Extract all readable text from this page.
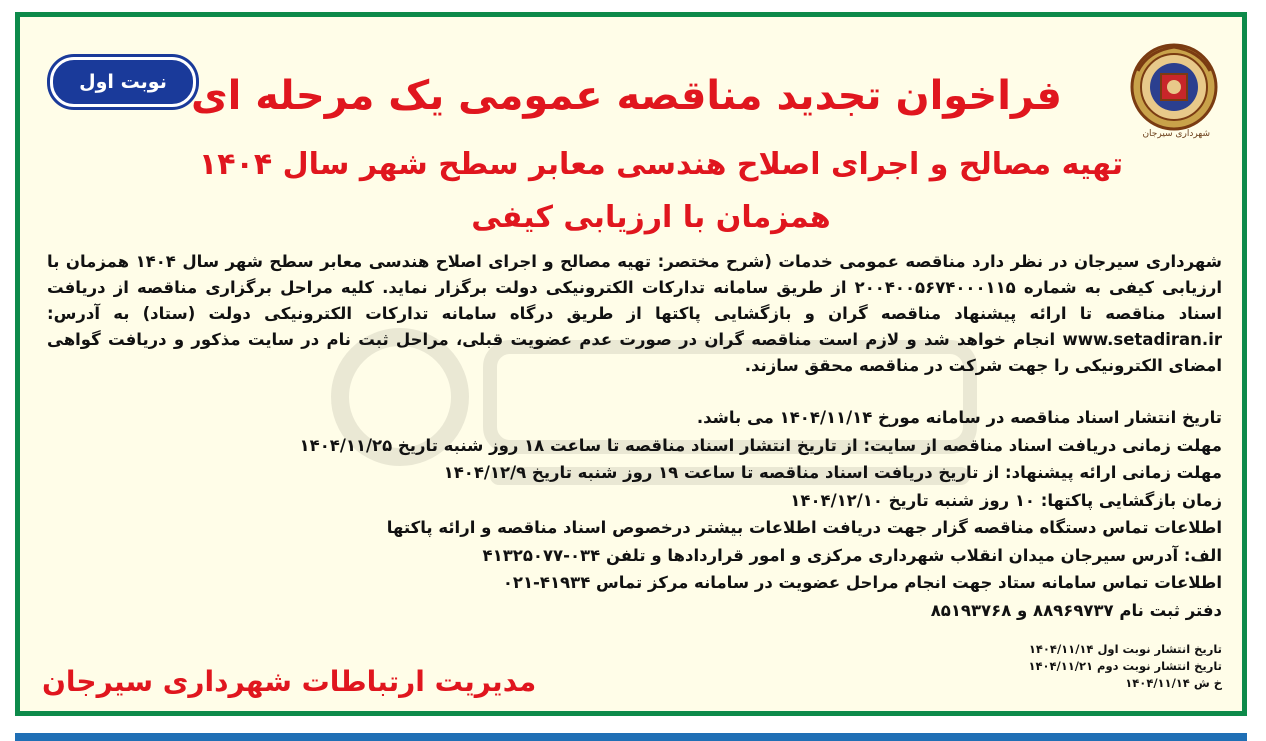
شهرداری سیرجان
نوبت اول فراخوان تجدید مناقصه عمومی یک مرحله ای
تهیه مصالح و اجرای اصلاح هندسی معابر سطح شهر سال ۱۴۰۴
همزمان با ارزیابی کیفی
شهرداری سیرجان در نظر دارد مناقصه عمومی خدمات (شرح مختصر: تهیه مصالح و اجرای اصلاح هندسی معابر سطح شهر سال ۱۴۰۴ همزمان با ارزیابی کیفی به شماره ۲۰۰۴۰۰۵۶۷۴۰۰۰۱۱۵ از طریق سامانه تدارکات الکترونیکی دولت برگزار نماید. کلیه مراحل برگزاری مناقصه از دریافت اسناد مناقصه تا ارائه پیشنهاد مناقصه گران و بازگشایی پاکتها از طریق درگاه سامانه تدارکات الکترونیکی دولت (ستاد) به آدرس: www.setadiran.ir انجام خواهد شد و لازم است مناقصه گران در صورت عدم عضویت قبلی، مراحل ثبت نام در سایت مذکور و دریافت گواهی امضای الکترونیکی را جهت شرکت در مناقصه محقق سازند.
تاریخ انتشار اسناد مناقصه در سامانه مورخ ۱۴۰۴/۱۱/۱۴ می باشد.
مهلت زمانی دریافت اسناد مناقصه از سایت: از تاریخ انتشار اسناد مناقصه تا ساعت ۱۸ روز شنبه تاریخ ۱۴۰۴/۱۱/۲۵
مهلت زمانی ارائه پیشنهاد: از تاریخ دریافت اسناد مناقصه تا ساعت ۱۹ روز شنبه تاریخ ۱۴۰۴/۱۲/۹
زمان بازگشایی پاکتها: ۱۰ روز شنبه تاریخ ۱۴۰۴/۱۲/۱۰
اطلاعات تماس دستگاه مناقصه گزار جهت دریافت اطلاعات بیشتر درخصوص اسناد مناقصه و ارائه پاکتها
الف: آدرس سیرجان میدان انقلاب شهرداری مرکزی و امور قراردادها و تلفن ۰۳۴-۴۱۳۲۵۰۷۷
اطلاعات تماس سامانه ستاد جهت انجام مراحل عضویت در سامانه مرکز تماس ۴۱۹۳۴-۰۲۱
دفتر ثبت نام ۸۸۹۶۹۷۳۷ و ۸۵۱۹۳۷۶۸
تاریخ انتشار نوبت اول ۱۴۰۴/۱۱/۱۴
تاریخ انتشار نوبت دوم ۱۴۰۴/۱۱/۲۱
خ ش ۱۴۰۴/۱۱/۱۴
مدیریت ارتباطات شهرداری سیرجان
